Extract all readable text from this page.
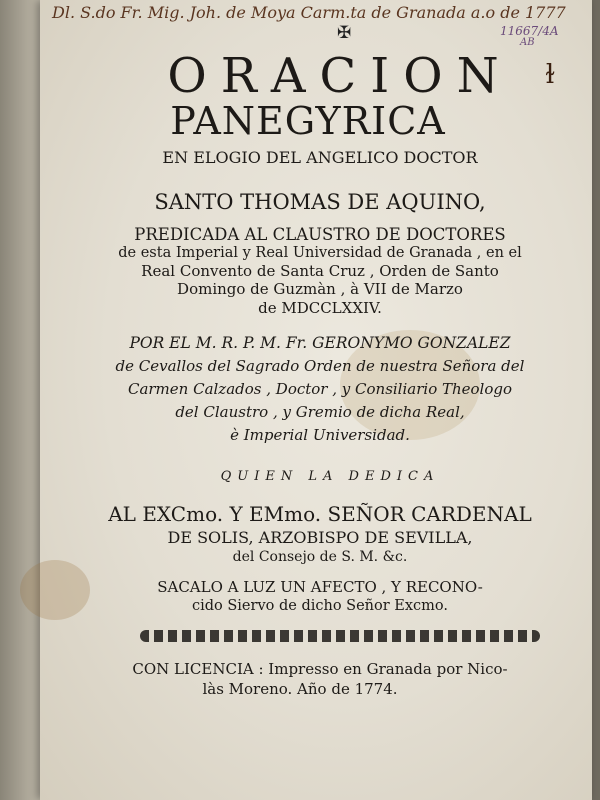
Dl. S.do Fr. Mig. Joh. de Moya Carm.ta de Granada a.o de 1777
✠	11667/4A
AB
ɫ
ORACION
PANEGYRICA
EN ELOGIO DEL ANGELICO DOCTOR
SANTO THOMAS DE AQUINO,
PREDICADA AL CLAUSTRO DE DOCTORES
de esta Imperial y Real Universidad de Granada , en el
Real Convento de Santa Cruz , Orden de Santo
Domingo de Guzmàn , à VII de Marzo
de MDCCLXXIV.
POR EL M. R. P. M. Fr. GERONYMO GONZALEZ
de Cevallos del Sagrado Orden de nuestra Señora del
Carmen Calzados , Doctor , y Consiliario Theologo
del Claustro , y Gremio de dicha Real,
è Imperial Universidad.
QUIEN LA DEDICA
AL EXCmo. Y EMmo. SEÑOR CARDENAL
DE SOLIS, ARZOBISPO DE SEVILLA,
del Consejo de S. M. &c.
SACALO A LUZ UN AFECTO , Y RECONO-
cido Siervo de dicho Señor Excmo.
CON LICENCIA : Impresso en Granada por Nico-
làs Moreno. Año de 1774.
